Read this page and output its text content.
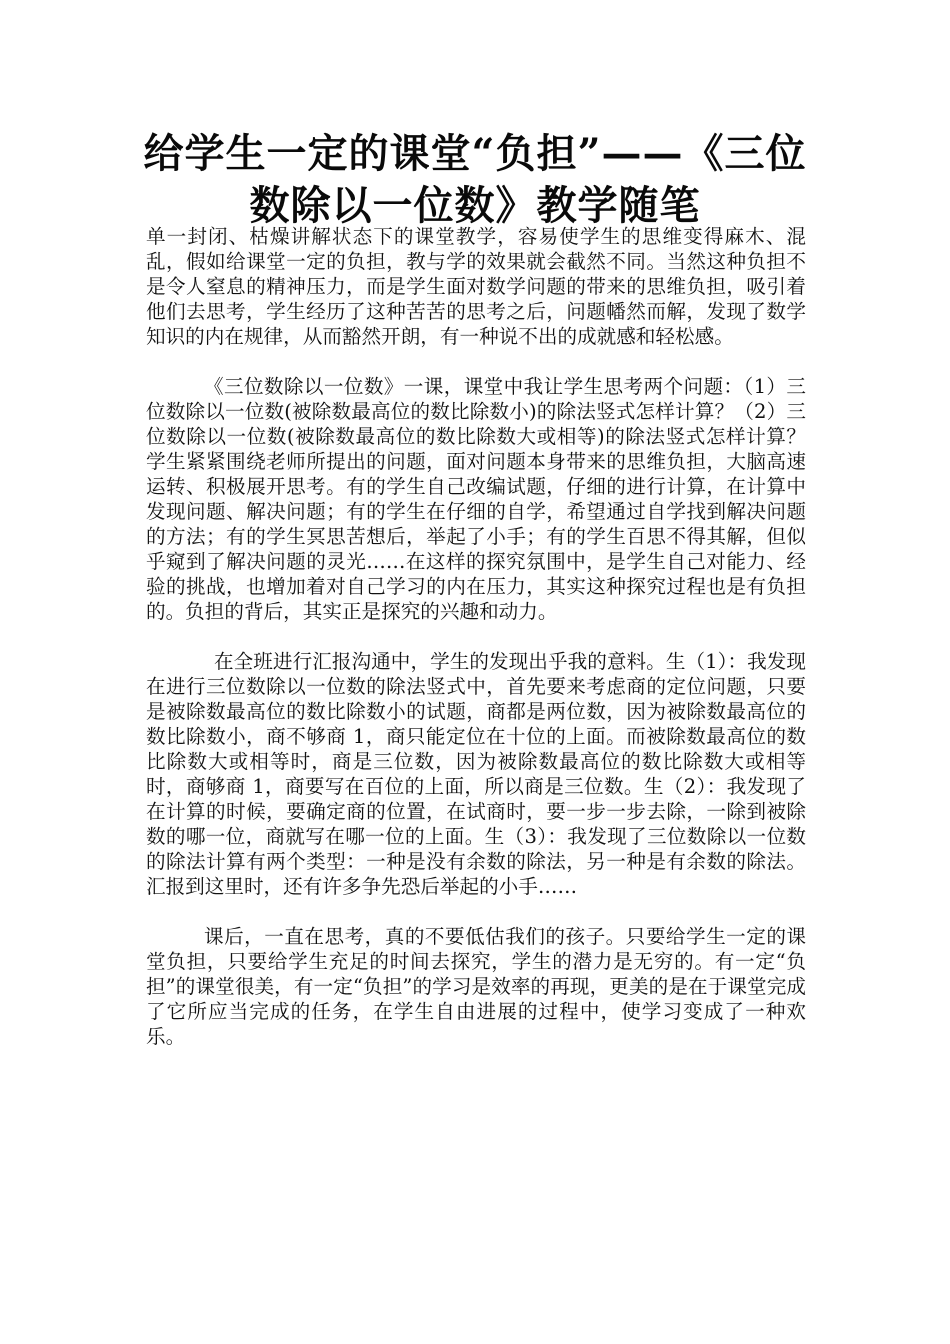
给学生一定的课堂“负担”——《三位
数除以一位数》教学随笔

单一封闭、枯燥讲解状态下的课堂教学，容易使学生的思维变得麻木、混乱，假如给课堂一定的负担，教与学的效果就会截然不同。当然这种负担不是令人窒息的精神压力，而是学生面对数学问题的带来的思维负担，吸引着他们去思考，学生经历了这种苦苦的思考之后，问题幡然而解，发现了数学知识的内在规律，从而豁然开朗，有一种说不出的成就感和轻松感。

《三位数除以一位数》一课，课堂中我让学生思考两个问题：（1）三位数除以一位数(被除数最高位的数比除数小)的除法竖式怎样计算？（2）三位数除以一位数(被除数最高位的数比除数大或相等)的除法竖式怎样计算？学生紧紧围绕老师所提出的问题，面对问题本身带来的思维负担，大脑高速运转、积极展开思考。有的学生自己改编试题，仔细的进行计算，在计算中发现问题、解决问题；有的学生在仔细的自学，希望通过自学找到解决问题的方法；有的学生冥思苦想后，举起了小手；有的学生百思不得其解，但似乎窥到了解决问题的灵光……在这样的探究氛围中，是学生自己对能力、经验的挑战，也增加着对自己学习的内在压力，其实这种探究过程也是有负担的。负担的背后，其实正是探究的兴趣和动力。

在全班进行汇报沟通中，学生的发现出乎我的意料。生（1）：我发现在进行三位数除以一位数的除法竖式中，首先要来考虑商的定位问题，只要是被除数最高位的数比除数小的试题，商都是两位数，因为被除数最高位的数比除数小，商不够商 1，商只能定位在十位的上面。而被除数最高位的数比除数大或相等时，商是三位数，因为被除数最高位的数比除数大或相等时，商够商 1，商要写在百位的上面，所以商是三位数。生（2）：我发现了在计算的时候，要确定商的位置，在试商时，要一步一步去除，一除到被除数的哪一位，商就写在哪一位的上面。生（3）：我发现了三位数除以一位数的除法计算有两个类型：一种是没有余数的除法，另一种是有余数的除法。汇报到这里时，还有许多争先恐后举起的小手……

课后，一直在思考，真的不要低估我们的孩子。只要给学生一定的课堂负担，只要给学生充足的时间去探究，学生的潜力是无穷的。有一定“负担”的课堂很美，有一定“负担”的学习是效率的再现，更美的是在于课堂完成了它所应当完成的任务，在学生自由进展的过程中，使学习变成了一种欢乐。
